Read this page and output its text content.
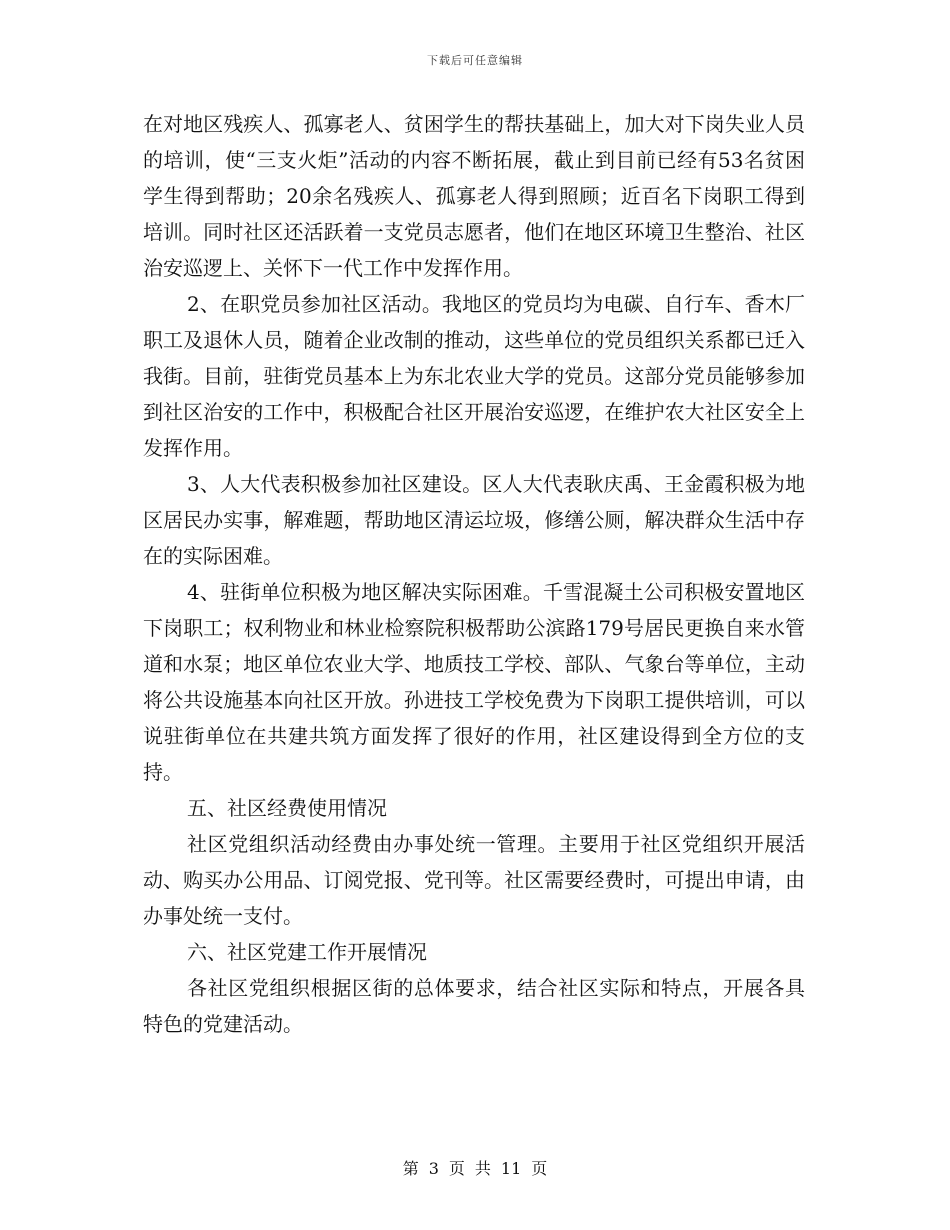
下载后可任意编辑

在对地区残疾人、孤寡老人、贫困学生的帮扶基础上，加大对下岗失业人员的培训，使“三支火炬”活动的内容不断拓展，截止到目前已经有53名贫困学生得到帮助；20余名残疾人、孤寡老人得到照顾；近百名下岗职工得到培训。同时社区还活跃着一支党员志愿者，他们在地区环境卫生整治、社区治安巡逻上、关怀下一代工作中发挥作用。

2、在职党员参加社区活动。我地区的党员均为电碳、自行车、香木厂职工及退休人员，随着企业改制的推动，这些单位的党员组织关系都已迁入我街。目前，驻街党员基本上为东北农业大学的党员。这部分党员能够参加到社区治安的工作中，积极配合社区开展治安巡逻，在维护农大社区安全上发挥作用。

3、人大代表积极参加社区建设。区人大代表耿庆禹、王金霞积极为地区居民办实事，解难题，帮助地区清运垃圾，修缮公厕，解决群众生活中存在的实际困难。

4、驻街单位积极为地区解决实际困难。千雪混凝土公司积极安置地区下岗职工；权利物业和林业检察院积极帮助公滨路179号居民更换自来水管道和水泵；地区单位农业大学、地质技工学校、部队、气象台等单位，主动将公共设施基本向社区开放。孙进技工学校免费为下岗职工提供培训，可以说驻街单位在共建共筑方面发挥了很好的作用，社区建设得到全方位的支持。

五、社区经费使用情况

社区党组织活动经费由办事处统一管理。主要用于社区党组织开展活动、购买办公用品、订阅党报、党刊等。社区需要经费时，可提出申请，由办事处统一支付。

六、社区党建工作开展情况

各社区党组织根据区街的总体要求，结合社区实际和特点，开展各具特色的党建活动。

第 3 页 共 11 页
